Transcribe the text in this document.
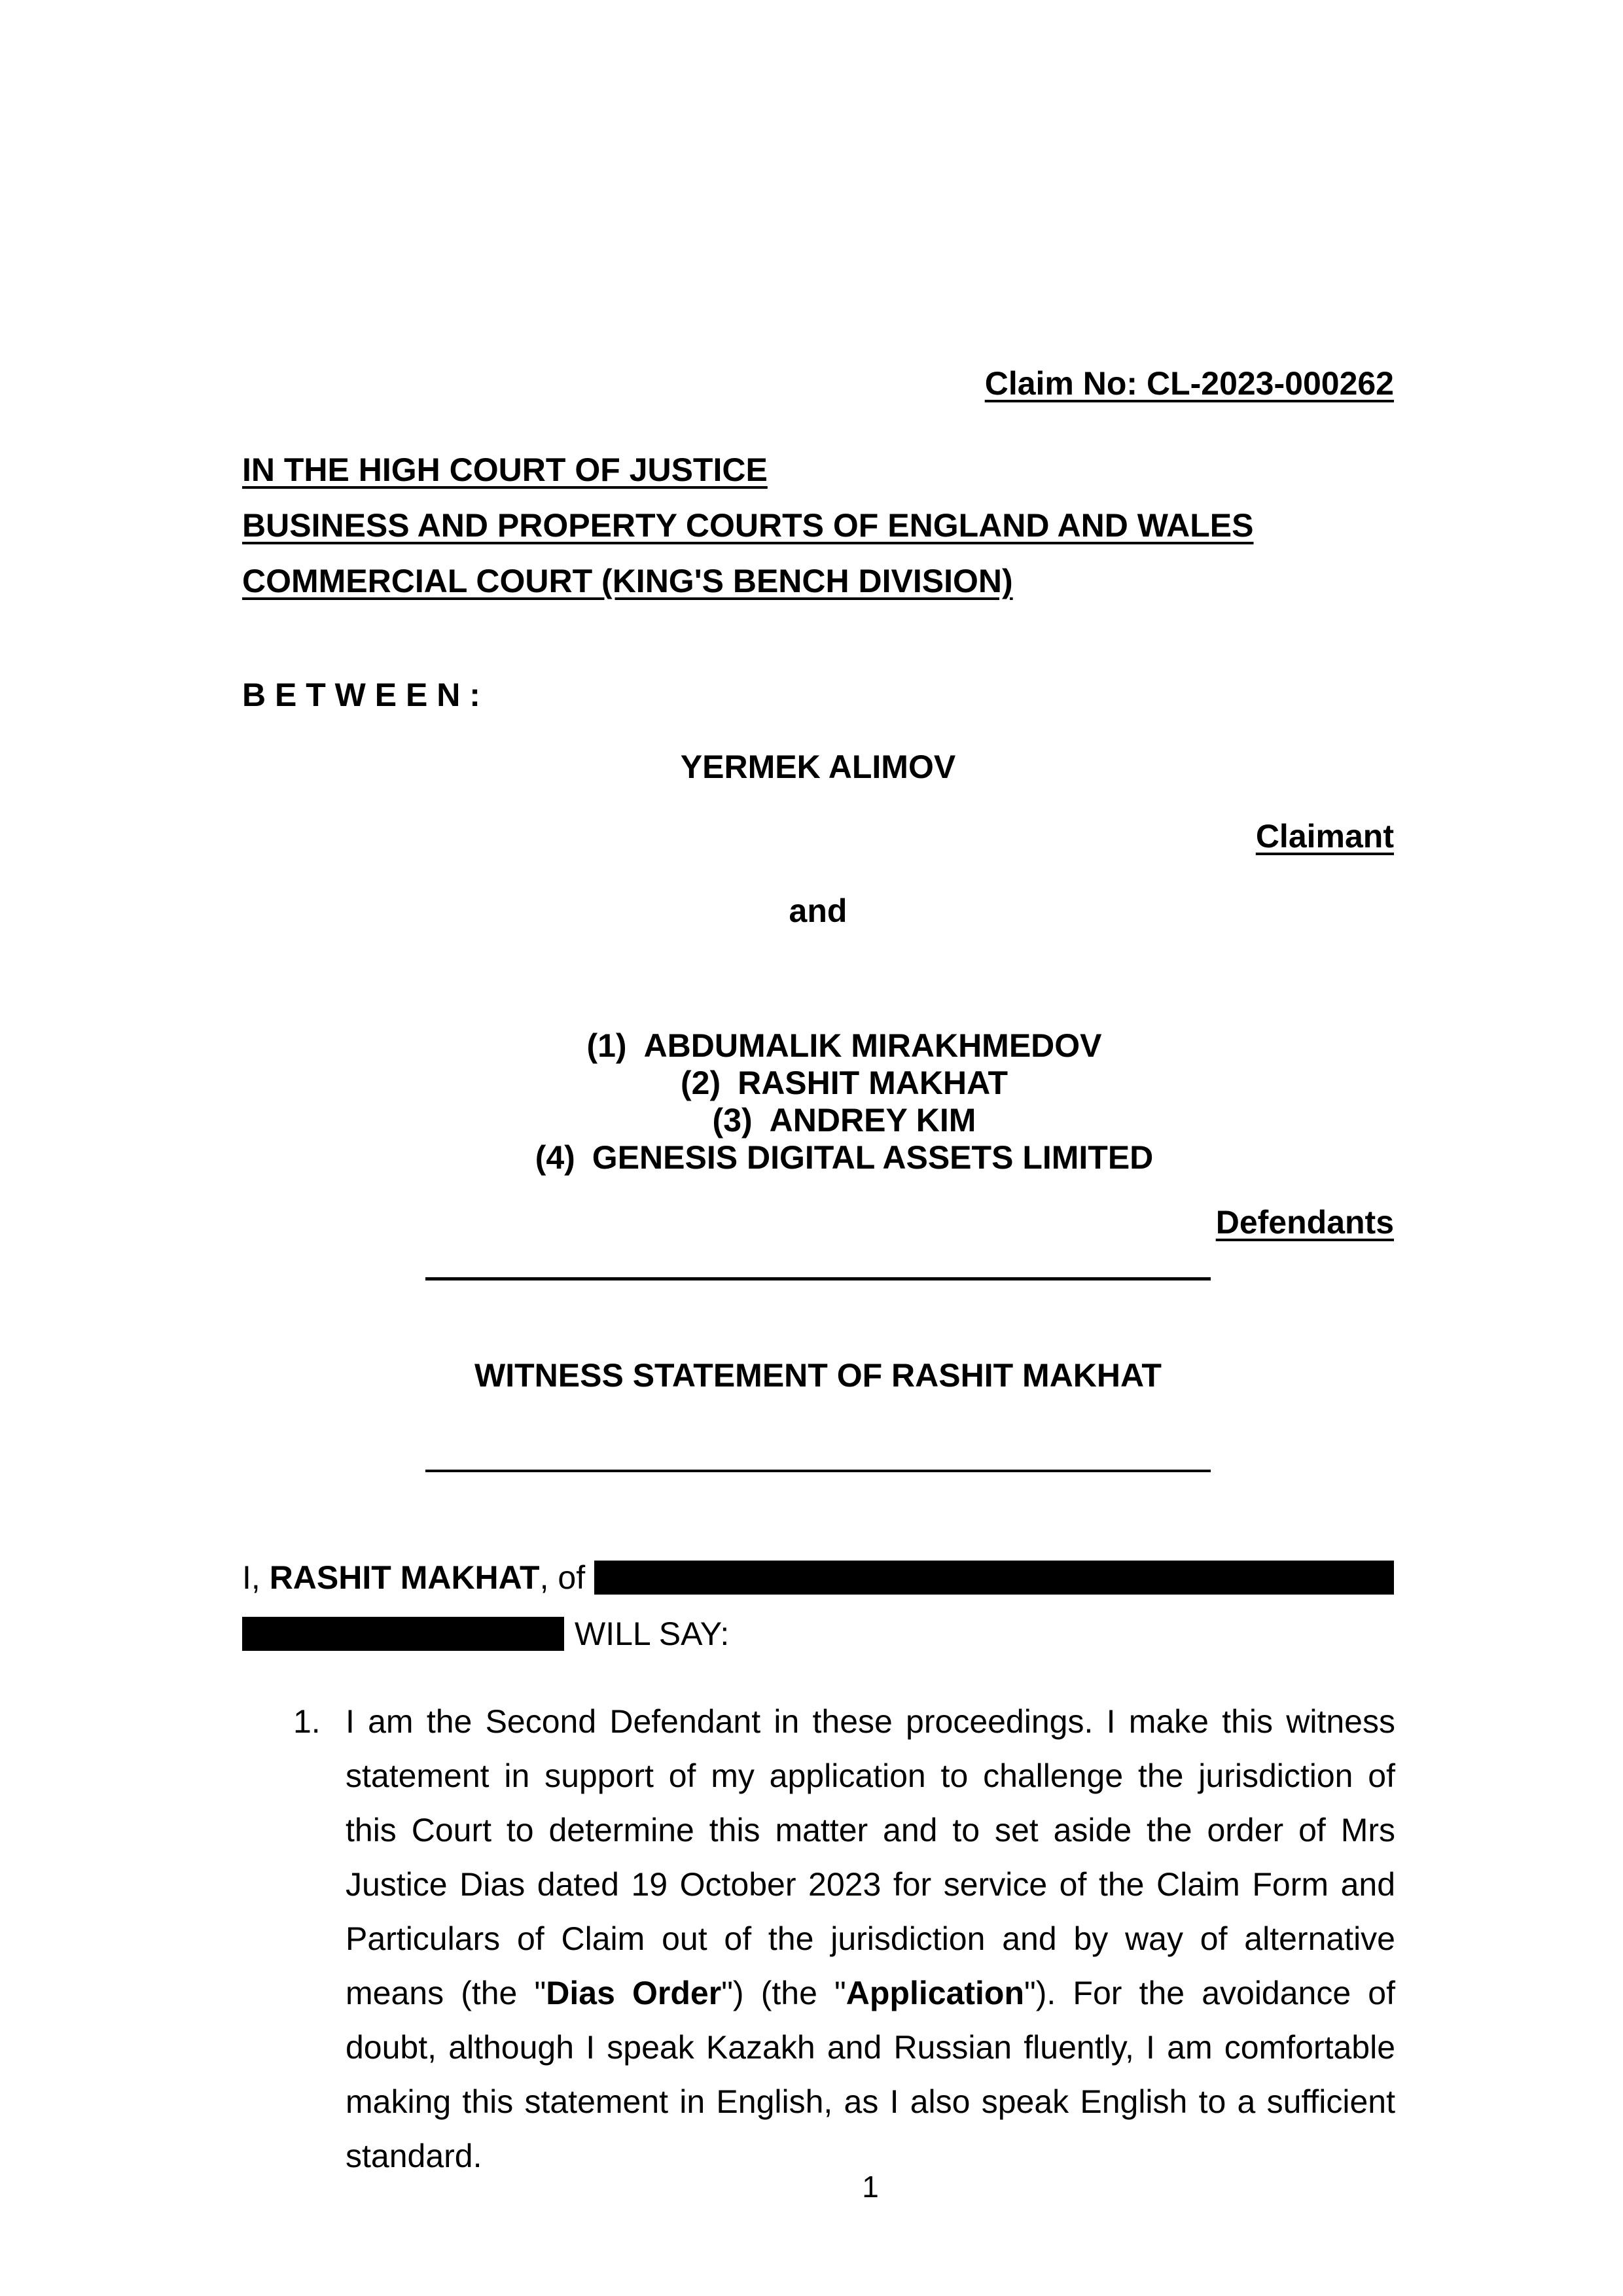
Claim No: CL-2023-000262
IN THE HIGH COURT OF JUSTICE
BUSINESS AND PROPERTY COURTS OF ENGLAND AND WALES
COMMERCIAL COURT (KING'S BENCH DIVISION)
B E T W E E N :
YERMEK ALIMOV
Claimant
and
(1) ABDUMALIK MIRAKHMEDOV
(2) RASHIT MAKHAT
(3) ANDREY KIM
(4) GENESIS DIGITAL ASSETS LIMITED
Defendants
WITNESS STATEMENT OF RASHIT MAKHAT
I, RASHIT MAKHAT, of
WILL SAY:
1. I am the Second Defendant in these proceedings. I make this witness statement in support of my application to challenge the jurisdiction of this Court to determine this matter and to set aside the order of Mrs Justice Dias dated 19 October 2023 for service of the Claim Form and Particulars of Claim out of the jurisdiction and by way of alternative means (the "Dias Order") (the "Application"). For the avoidance of doubt, although I speak Kazakh and Russian fluently, I am comfortable making this statement in English, as I also speak English to a sufficient standard.
1
